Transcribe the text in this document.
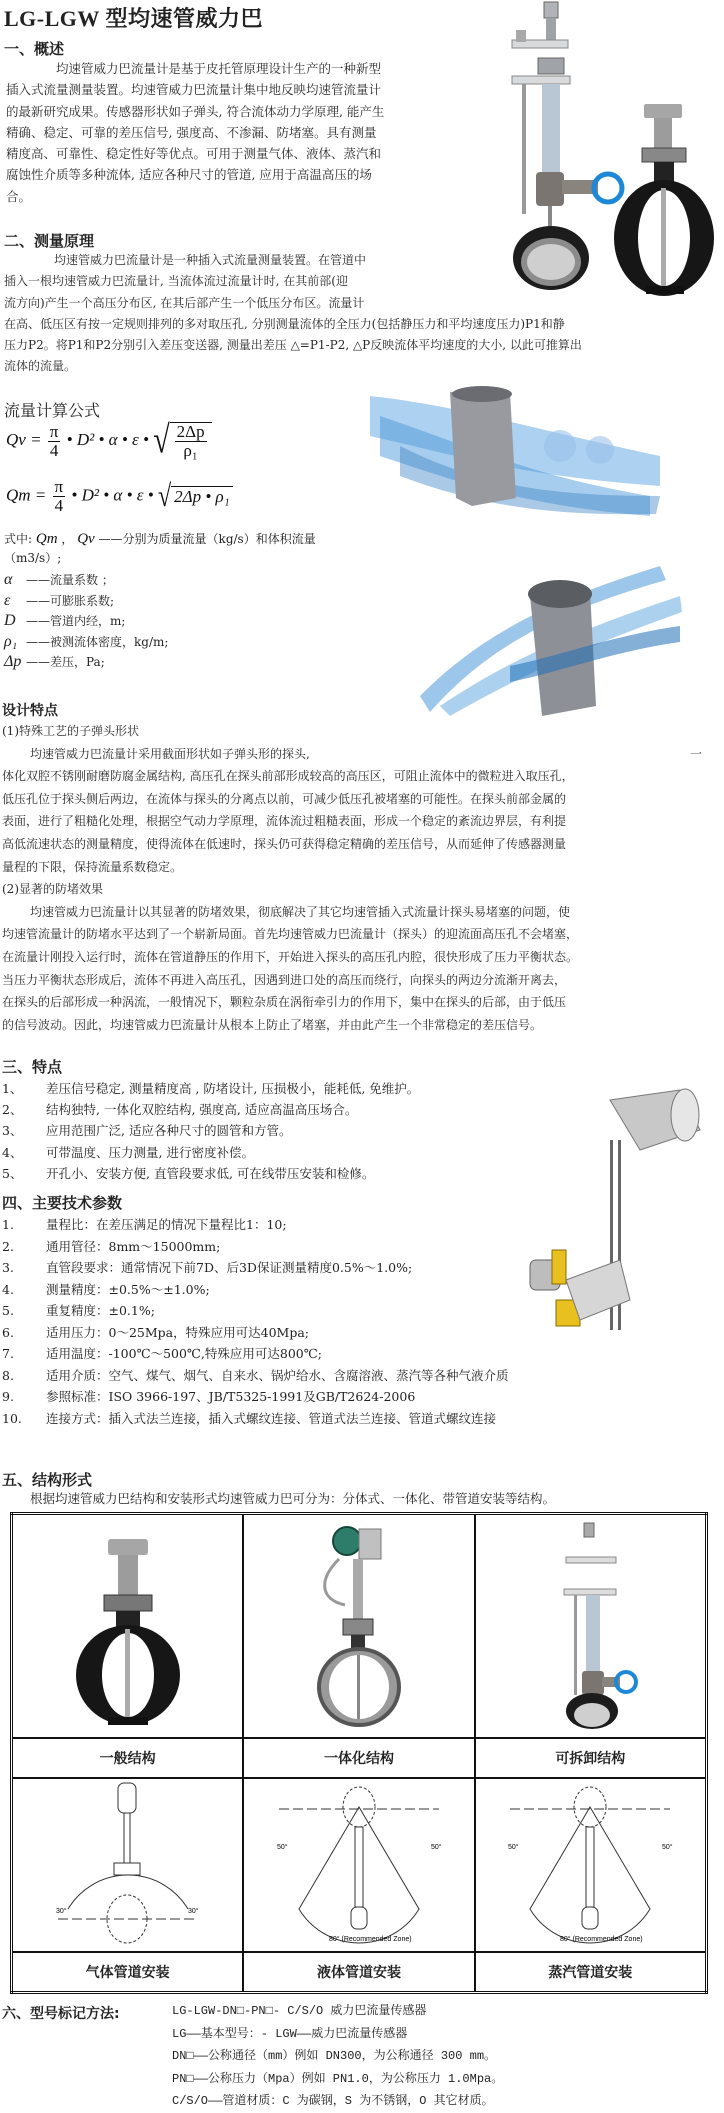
LG-LGW 型均速管威力巴
一、概述
均速管威力巴流量计是基于皮托管原理设计生产的一种新型
插入式流量测量装置。均速管威力巴流量计集中地反映均速管流量计
的最新研究成果。传感器形状如子弹头, 符合流体动力学原理, 能产生
精确、稳定、可靠的差压信号, 强度高、不渗漏、防堵塞。具有测量
精度高、可靠性、稳定性好等优点。可用于测量气体、液体、蒸汽和
腐蚀性介质等多种流体, 适应各种尺寸的管道, 应用于高温高压的场
合。
二、测量原理
均速管威力巴流量计是一种插入式流量测量装置。在管道中
插入一根均速管威力巴流量计, 当流体流过流量计时, 在其前部(迎
流方向)产生一个高压分布区, 在其后部产生一个低压分布区。流量计
在高、低压区有按一定规则排列的多对取压孔, 分别测量流体的全压力(包括静压力和平均速度压力)P1和静
压力P2。将P1和P2分别引入差压变送器, 测量出差压 △=P1-P2, △P反映流体平均速度的大小, 以此可推算出
流体的流量。
流量计算公式
$Qv = \frac{\pi}{4}$ • D² • α • ε • √ $\frac{2\Delta p}{\text{ρ₁}}$
$Qm = \frac{\pi}{4}$ • D² • α • ε • √ 2Δp • ρ₁
式中: Qm ， Qv ——分别为质量流量（kg/s）和体积流量
（m3/s）;
α ——流量系数 ；
ε ——可膨胀系数;
D ——管道内经，m;
ρ₁ ——被测流体密度，kg/m;
Δp ——差压，Pa;
设计特点
(1)特殊工艺的子弹头形状
均速管威力巴流量计采用截面形状如子弹头形的探头,	一
体化双腔不锈刚耐磨防腐金属结构, 高压孔在探头前部形成较高的高压区，可阻止流体中的微粒进入取压孔，
低压孔位于探头侧后两边，在流体与探头的分离点以前，可减少低压孔被堵塞的可能性。在探头前部金属的
表面，进行了粗糙化处理，根据空气动力学原理，流体流过粗糙表面，形成一个稳定的紊流边界层，有利提
高低流速状态的测量精度，使得流体在低速时，探头仍可获得稳定精确的差压信号，从而延伸了传感器测量
量程的下限，保持流量系数稳定。
(2)显著的防堵效果
均速管威力巴流量计以其显著的防堵效果，彻底解决了其它均速管插入式流量计探头易堵塞的问题，使
均速管流量计的防堵水平达到了一个崭新局面。首先均速管威力巴流量计（探头）的迎流面高压孔不会堵塞，
在流量计刚投入运行时，流体在管道静压的作用下，开始进入探头的高压孔内腔，很快形成了压力平衡状态。
当压力平衡状态形成后，流体不再进入高压孔，因遇到进口处的高压而绕行，向探头的两边分流渐开离去，
在探头的后部形成一种涡流，一般情况下，颗粒杂质在涡衔牵引力的作用下，集中在探头的后部，由于低压
的信号波动。因此，均速管威力巴流量计从根本上防止了堵塞，并由此产生一个非常稳定的差压信号。
三、特点
1、 差压信号稳定, 测量精度高 , 防堵设计, 压损极小，能耗低, 免维护。
2、 结构独特, 一体化双腔结构, 强度高, 适应高温高压场合。
3、 应用范围广泛, 适应各种尺寸的圆管和方管。
4、 可带温度、压力测量, 进行密度补偿。
5、 开孔小、安装方便, 直管段要求低, 可在线带压安装和检修。
四、主要技术参数
1.	量程比：在差压满足的情况下量程比1：10;
2.	通用管径：8mm～15000mm;
3.	直管段要求：通常情况下前7D、后3D保证测量精度0.5%～1.0%;
4.	测量精度：±0.5%～±1.0%;
5.	重复精度：±0.1%;
6.	适用压力：0～25Mpa，特殊应用可达40Mpa;
7.	适用温度：-100℃～500℃,特殊应用可达800℃;
8.	适用介质：空气、煤气、烟气、自来水、锅炉给水、含腐溶液、蒸汽等各种气液介质
9.	参照标准：ISO 3966-197、JB/T5325-1991及GB/T2624-2006
10. 连接方式：插入式法兰连接，插入式螺纹连接、管道式法兰连接、管道式螺纹连接
五、结构形式
根据均速管威力巴结构和安装形式均速管威力巴可分为：分体式、一体化、带管道安装等结构。

一般结构	一体化结构	可拆卸结构

30° 30°	50° 50°
80° (Recommended Zone)	50° 50°
80° (Recommended Zone)

气体管道安装	液体管道安装	蒸汽管道安装
六、型号标记方法:	LG-LGW-DN□-PN□- C/S/O 威力巴流量传感器
LG——基本型号：- LGW——威力巴流量传感器
DN□——公称通径（mm）例如 DN300，为公称通径 300 mm。
PN□——公称压力（Mpa）例如 PN1.0，为公称压力 1.0Mpa。
C/S/O——管道材质：C 为碳钢，S 为不锈钢，O 其它材质。
